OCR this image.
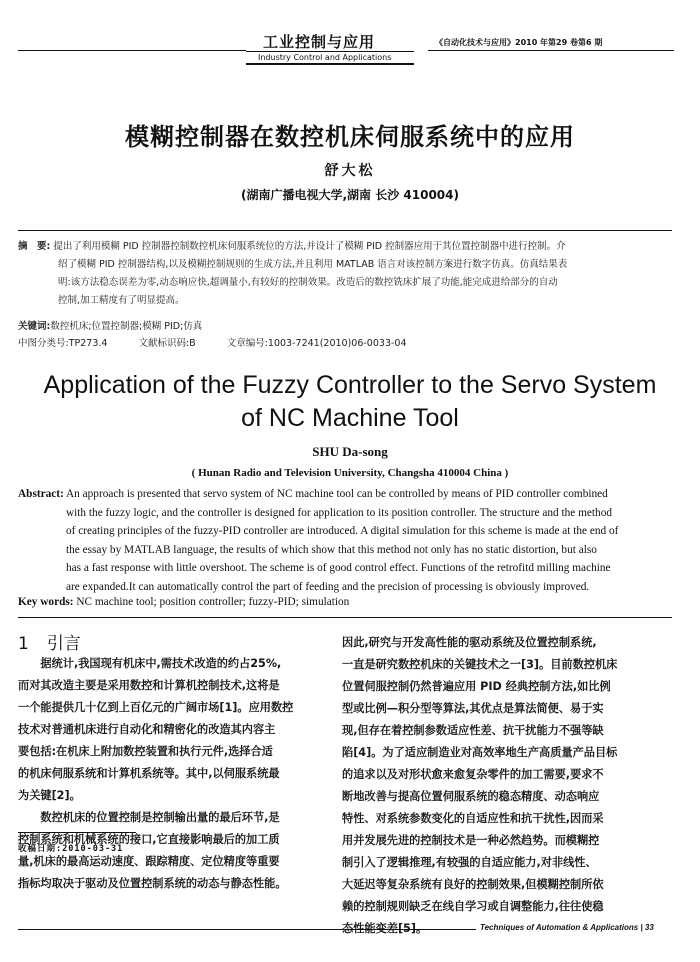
工业控制与应用
Industry Control and Applications
《自动化技术与应用》2010 年第29 卷第6 期
模糊控制器在数控机床伺服系统中的应用
舒大松
(湖南广播电视大学,湖南 长沙 410004)
摘　要: 提出了利用模糊 PID 控制器控制数控机床伺服系统位的方法,并设计了模糊 PID 控制器应用于其位置控制器中进行控制。介
绍了模糊 PID 控制器结构,以及模糊控制规则的生成方法,并且利用 MATLAB 语言对该控制方案进行数字仿真。仿真结果表
明:该方法稳态误差为零,动态响应快,超调量小,有较好的控制效果。改造后的数控铣床扩展了功能,能完成进给部分的自动
控制,加工精度有了明显提高。
关键词:数控机床;位置控制器;模糊 PID;仿真
中图分类号:TP273.4	文献标识码:B	文章编号:1003-7241(2010)06-0033-04
Application of the Fuzzy Controller to the Servo System
of NC Machine Tool
SHU Da-song
( Hunan Radio and Television University, Changsha 410004 China )
Abstract: An approach is presented that servo system of NC machine tool can be controlled by means of PID controller combined
with the fuzzy logic, and the controller is designed for application to its position controller. The structure and the method
of creating principles of the fuzzy-PID controller are introduced. A digital simulation for this scheme is made at the end of
the essay by MATLAB language, the results of which show that this method not only has no static distortion, but also
has a fast response with little overshoot. The scheme is of good control effect. Functions of the retrofitd milling machine
are expanded.It can automatically control the part of feeding and the precision of processing is obviously improved.
Key words: NC machine tool; position controller; fuzzy-PID; simulation
1 引言
据统计,我国现有机床中,需技术改造的约占25%,
而对其改造主要是采用数控和计算机控制技术,这将是
一个能提供几十亿到上百亿元的广阔市场[1]。应用数控
技术对普通机床进行自动化和精密化的改造其内容主
要包括:在机床上附加数控装置和执行元件,选择合适
的机床伺服系统和计算机系统等。其中,以伺服系统最
为关键[2]。
数控机床的位置控制是控制输出量的最后环节,是
控制系统和机械系统的接口,它直接影响最后的加工质
量,机床的最高运动速度、跟踪精度、定位精度等重要
指标均取决于驱动及位置控制系统的动态与静态性能。
收稿日期:2010-03-31
因此,研究与开发高性能的驱动系统及位置控制系统,
一直是研究数控机床的关键技术之一[3]。目前数控机床
位置伺服控制仍然普遍应用 PID 经典控制方法,如比例
型或比例—积分型等算法,其优点是算法简便、易于实
现,但存在着控制参数适应性差、抗干扰能力不强等缺
陷[4]。为了适应制造业对高效率地生产高质量产品目标
的追求以及对形状愈来愈复杂零件的加工需要,要求不
断地改善与提高位置伺服系统的稳态精度、动态响应
特性、对系统参数变化的自适应性和抗干扰性,因而采
用并发展先进的控制技术是一种必然趋势。而模糊控
制引入了逻辑推理,有较强的自适应能力,对非线性、
大延迟等复杂系统有良好的控制效果,但模糊控制所依
赖的控制规则缺乏在线自学习或自调整能力,往往使稳
态性能变差[5]。	Techniques of Automation & Applications | 33
